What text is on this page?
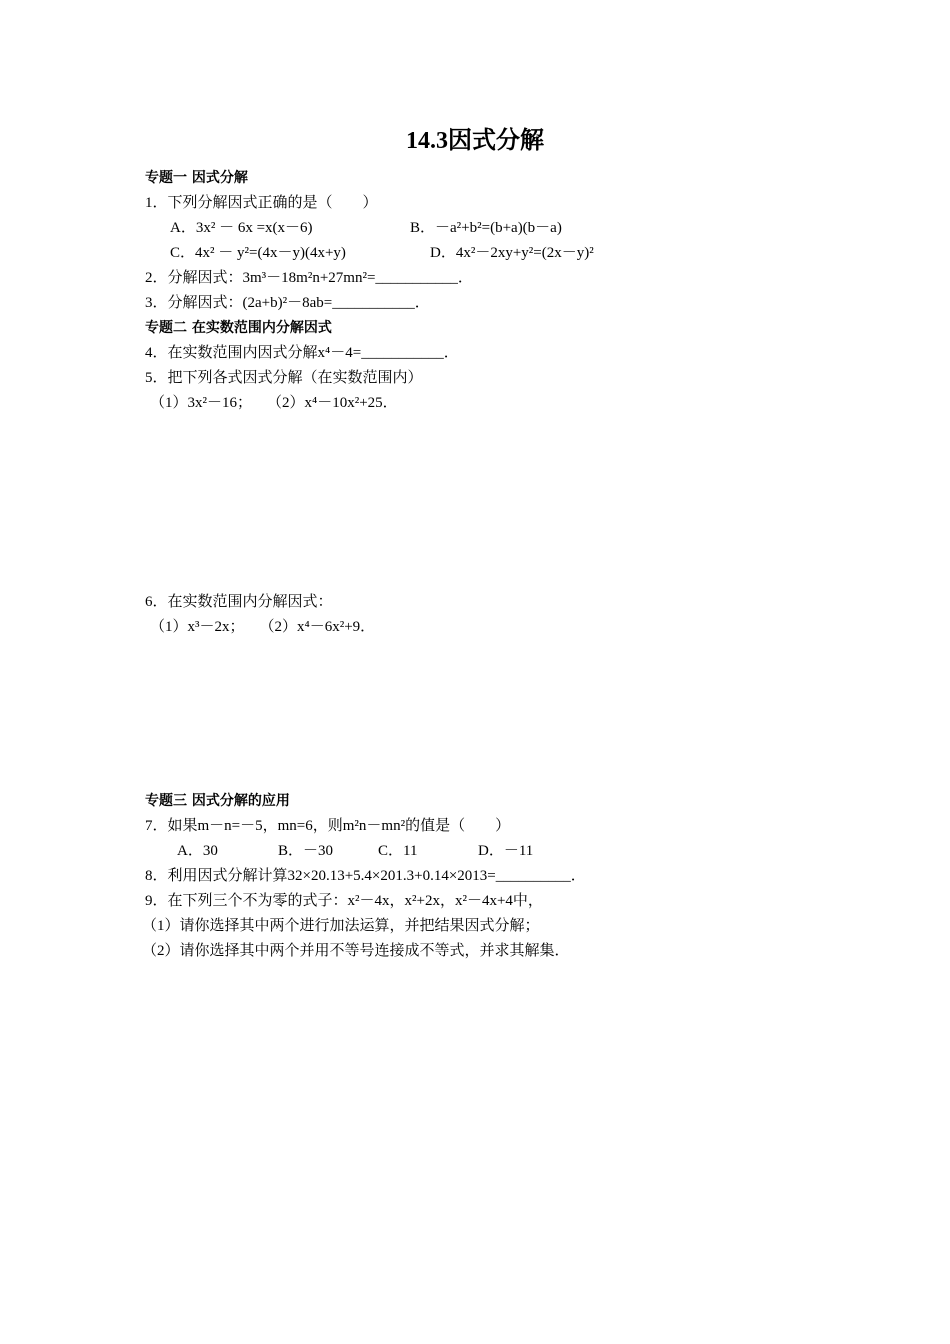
14.3因式分解
专题一 因式分解
1．下列分解因式正确的是（　　）
A．3x² － 6x =x(x－6)	B．－a²+b²=(b+a)(b－a)
C．4x² － y²=(4x－y)(4x+y)	D．4x²－2xy+y²=(2x－y)²
2．分解因式：3m³－18m²n+27mn²=___________．
3．分解因式：(2a+b)²－8ab=___________．
专题二 在实数范围内分解因式
4．在实数范围内因式分解x⁴－4=___________．
5．把下列各式因式分解（在实数范围内）
（1）3x²－16；　　（2）x⁴－10x²+25．
6．在实数范围内分解因式：
（1）x³－2x；　　（2）x⁴－6x²+9．
专题三 因式分解的应用
7．如果m－n=－5，mn=6，则m²n－mn²的值是（　　）
A．30	B．－30	C．11	D．－11
8．利用因式分解计算32×20.13+5.4×201.3+0.14×2013=__________．
9．在下列三个不为零的式子：x²－4x，x²+2x，x²－4x+4中，
（1）请你选择其中两个进行加法运算，并把结果因式分解；
（2）请你选择其中两个并用不等号连接成不等式，并求其解集．
